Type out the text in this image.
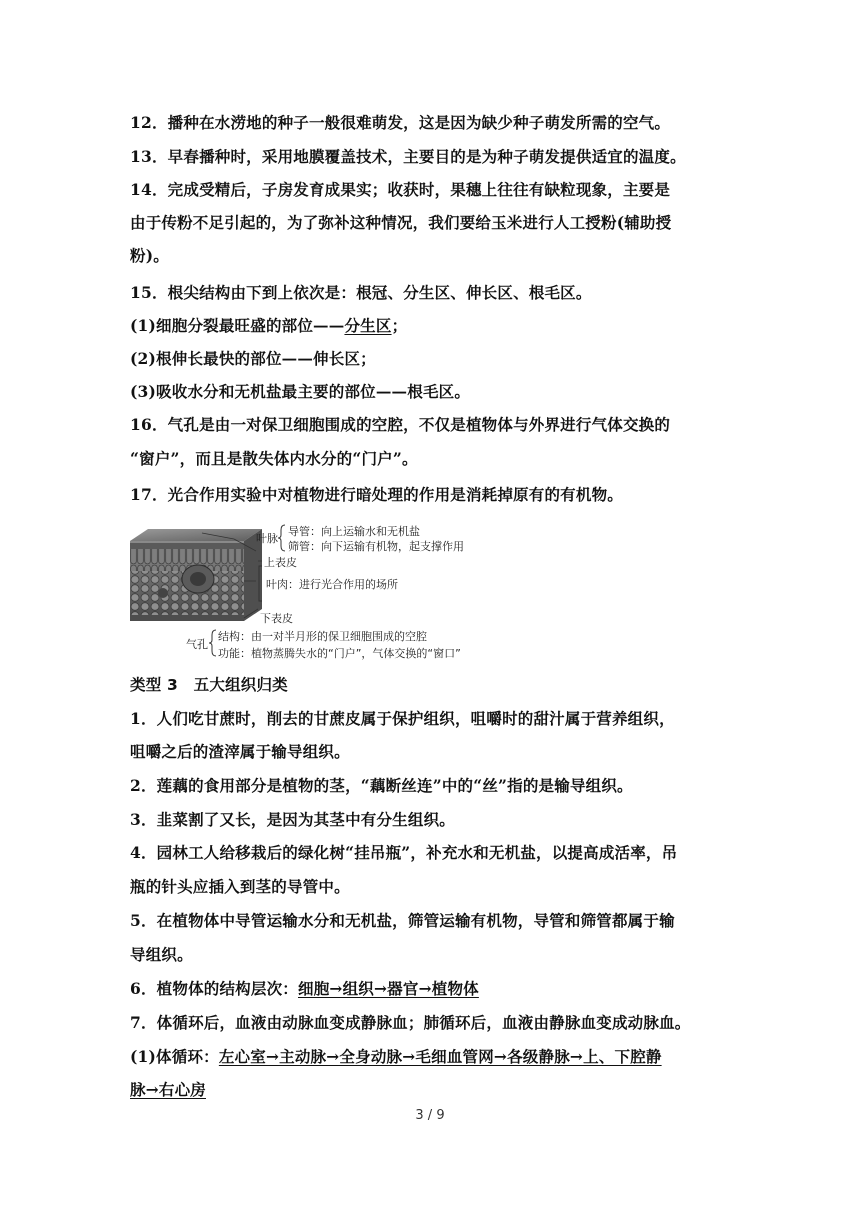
12．播种在水涝地的种子一般很难萌发，这是因为缺少种子萌发所需的空气。
13．早春播种时，采用地膜覆盖技术，主要目的是为种子萌发提供适宜的温度。
14．完成受精后，子房发育成果实；收获时，果穗上往往有缺粒现象，主要是
由于传粉不足引起的，为了弥补这种情况，我们要给玉米进行人工授粉(辅助授
粉)。
15．根尖结构由下到上依次是：根冠、分生区、伸长区、根毛区。
(1)细胞分裂最旺盛的部位——分生区；
(2)根伸长最快的部位——伸长区；
(3)吸收水分和无机盐最主要的部位——根毛区。
16．气孔是由一对保卫细胞围成的空腔，不仅是植物体与外界进行气体交换的
“窗户”，而且是散失体内水分的“门户”。
17．光合作用实验中对植物进行暗处理的作用是消耗掉原有的有机物。
叶脉
导管：向上运输水和无机盐
筛管：向下运输有机物，起支撑作用
上表皮
叶肉：进行光合作用的场所
下表皮
气孔
结构：由一对半月形的保卫细胞围成的空腔
功能：植物蒸腾失水的“门户”，气体交换的“窗口”
类型 3　五大组织归类
1．人们吃甘蔗时，削去的甘蔗皮属于保护组织，咀嚼时的甜汁属于营养组织，
咀嚼之后的渣滓属于输导组织。
2．莲藕的食用部分是植物的茎，“藕断丝连”中的“丝”指的是输导组织。
3．韭菜割了又长，是因为其茎中有分生组织。
4．园林工人给移栽后的绿化树“挂吊瓶”，补充水和无机盐，以提高成活率，吊
瓶的针头应插入到茎的导管中。
5．在植物体中导管运输水分和无机盐，筛管运输有机物，导管和筛管都属于输
导组织。
6．植物体的结构层次：细胞→组织→器官→植物体
7．体循环后，血液由动脉血变成静脉血；肺循环后，血液由静脉血变成动脉血。
(1)体循环：左心室→主动脉→全身动脉→毛细血管网→各级静脉→上、下腔静
脉→右心房
3 / 9
